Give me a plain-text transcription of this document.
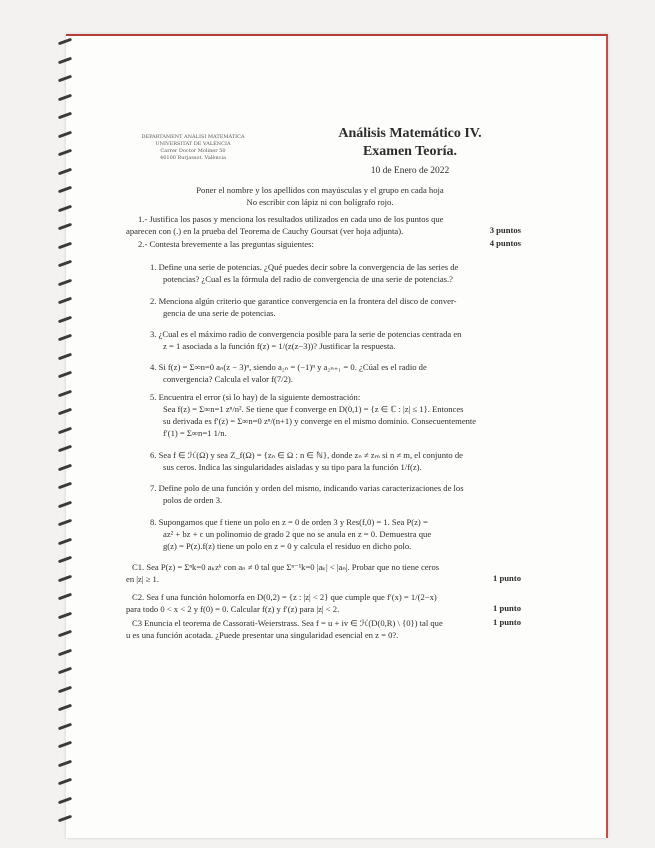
DEPARTAMENT ANÀLISI MATEMÀTICA
UNIVERSITAT DE VALÈNCIA
Carrer Doctor Moliner 50
46100 Burjassot. València
Análisis Matemático IV.
Examen Teoría.
10 de Enero de 2022
Poner el nombre y los apellidos con mayúsculas y el grupo en cada hoja
No escribir con lápiz ni con bolígrafo rojo.
1.- Justifica los pasos y menciona los resultados utilizados en cada uno de los puntos que
aparecen con (.) en la prueba del Teorema de Cauchy Goursat (ver hoja adjunta).	3 puntos
2.- Contesta brevemente a las preguntas siguientes:	4 puntos
1. Define una serie de potencias. ¿Qué puedes decir sobre la convergencia de las series de
potencias? ¿Cual es la fórmula del radio de convergencia de una serie de potencias.?
2. Menciona algún criterio que garantice convergencia en la frontera del disco de conver-
gencia de una serie de potencias.
3. ¿Cual es el máximo radio de convergencia posible para la serie de potencias centrada en
z = 1 asociada a la función f(z) = 1/(z(z−3))? Justificar la respuesta.
4. Si f(z) = Σ∞n=0 aₙ(z − 3)ⁿ, siendo a₂ₙ = (−1)ⁿ y a₂ₙ₊₁ = 0. ¿Cúal es el radio de
convergencia? Calcula el valor f(7/2).
5. Encuentra el error (si lo hay) de la siguiente demostración:
Sea f(z) = Σ∞n=1 zⁿ/n². Se tiene que f converge en D(0,1) = {z ∈ ℂ : |z| ≤ 1}. Entonces
su derivada es f′(z) = Σ∞n=0 zⁿ/(n+1) y converge en el mismo dominio. Consecuentemente
f′(1) = Σ∞n=1 1/n.
6. Sea f ∈ ℋ(Ω) y sea Z_f(Ω) = {zₙ ∈ Ω : n ∈ ℕ}, donde zₙ ≠ zₘ si n ≠ m, el conjunto de
sus ceros. Indica las singularidades aisladas y su tipo para la función 1/f(z).
7. Define polo de una función y orden del mismo, indicando varias caracterizaciones de los
polos de orden 3.
8. Supongamos que f tiene un polo en z = 0 de orden 3 y Res(f,0) = 1. Sea P(z) =
az² + bz + c un polinomio de grado 2 que no se anula en z = 0. Demuestra que
g(z) = P(z).f(z) tiene un polo en z = 0 y calcula el residuo en dicho polo.
C1. Sea P(z) = Σⁿk=0 aₖzᵏ con aₙ ≠ 0 tal que Σⁿ⁻¹k=0 |aₖ| < |aₙ|. Probar que no tiene ceros
en |z| ≥ 1.	1 punto
C2. Sea f una función holomorfa en D(0,2) = {z : |z| < 2} que cumple que f′(x) = 1/(2−x)
para todo 0 < x < 2 y f(0) = 0. Calcular f(z) y f′(z) para |z| < 2.	1 punto
C3 Enuncia el teorema de Cassorati-Weierstrass. Sea f = u + iv ∈ ℋ(D(0,R) \ {0}) tal que
u es una función acotada. ¿Puede presentar una singularidad esencial en z = 0?.
1 punto
